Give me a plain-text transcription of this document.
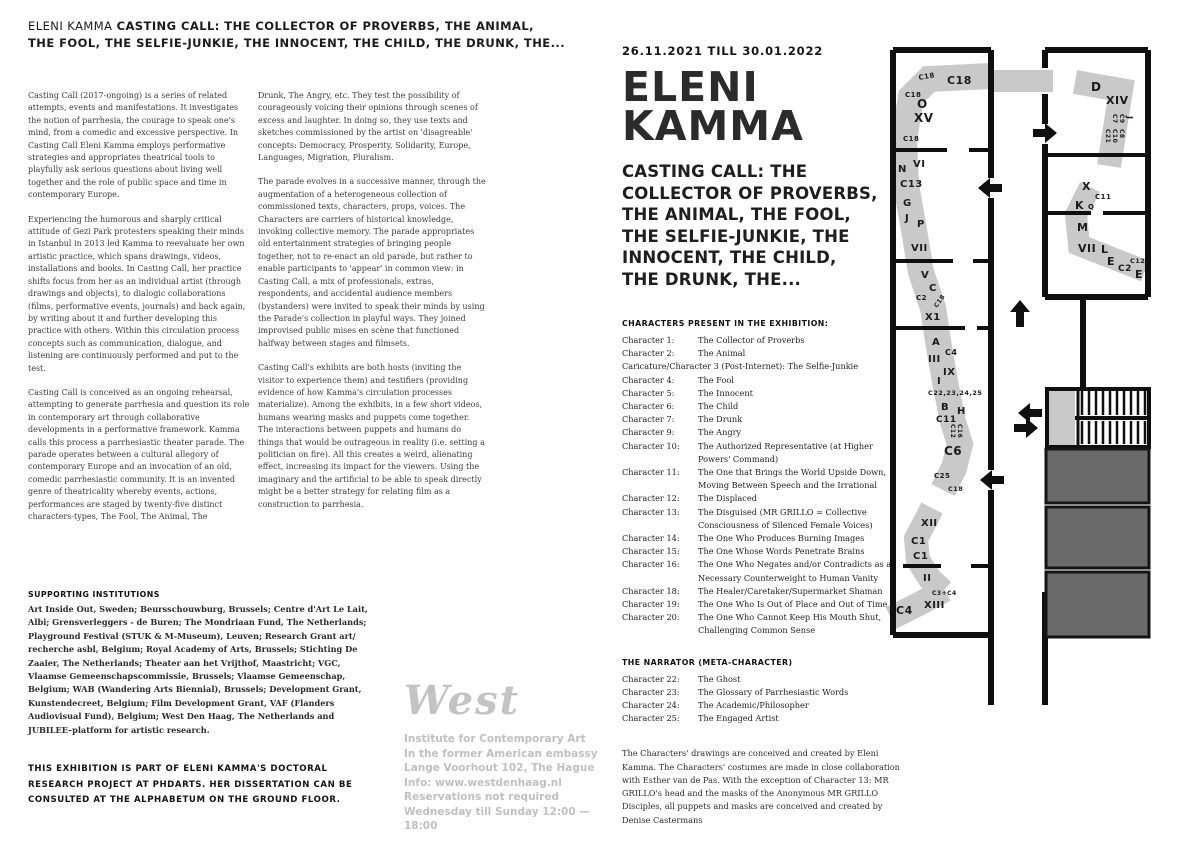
ELENI KAMMA CASTING CALL: THE COLLECTOR OF PROVERBS, THE ANIMAL,
THE FOOL, THE SELFIE-JUNKIE, THE INNOCENT, THE CHILD, THE DRUNK, THE...
Casting Call (2017-ongoing) is a series of related attempts, events and manifestations. It investigates the notion of parrhesia, the courage to speak one's mind, from a comedic and excessive perspective. In Casting Call Eleni Kamma employs performative strategies and appropriates theatrical tools to playfully ask serious questions about living well together and the role of public space and time in contemporary Europe.
Experiencing the humorous and sharply critical attitude of Gezi Park protesters speaking their minds in Istanbul in 2013 led Kamma to reevaluate her own artistic practice, which spans drawings, videos, installations and books. In Casting Call, her practice shifts focus from her as an individual artist (through drawings and objects), to dialogic collaborations (films, performative events, journals) and back again, by writing about it and further developing this practice with others. Within this circulation process concepts such as communication, dialogue, and listening are continuously performed and put to the test.
Casting Call is conceived as an ongoing rehearsal, attempting to generate parrhesia and question its role in contemporary art through collaborative developments in a performative framework. Kamma calls this process a parrhesiastic theater parade. The parade operates between a cultural allegory of contemporary Europe and an invocation of an old, comedic parrhesiastic community. It is an invented genre of theatricality whereby events, actions, performances are staged by twenty-five distinct characters-types, The Fool, The Animal, The
Drunk, The Angry, etc. They test the possibility of courageously voicing their opinions through scenes of excess and laughter. In doing so, they use texts and sketches commissioned by the artist on 'disagreable' concepts: Democracy, Prosperity, Solidarity, Europe, Languages, Migration, Pluralism.
The parade evolves in a successive manner, through the augmentation of a heterogeneous collection of commissioned texts, characters, props, voices. The Characters are carriers of historical knowledge, invoking collective memory. The parade appropriates old entertainment strategies of bringing people together, not to re-enact an old parade, but rather to enable participants to 'appear' in common view: in Casting Call, a mix of professionals, extras, respondents, and accidental audience members (bystanders) were invited to speak their minds by using the Parade's collection in playful ways. They joined improvised public mises en scène that functioned halfway between stages and filmsets.
Casting Call's exhibits are both hosts (inviting the visitor to experience them) and testifiers (providing evidence of how Kamma's circulation processes materialize). Among the exhibits, in a few short videos, humans wearing masks and puppets come together. The interactions between puppets and humans do things that would be outrageous in reality (i.e. setting a politician on fire). All this creates a weird, alienating effect, increasing its impact for the viewers. Using the imaginary and the artificial to be able to speak directly might be a better strategy for relating film as a construction to parrhesia.
SUPPORTING INSTITUTIONS
Art Inside Out, Sweden; Beursschouwburg, Brussels; Centre d'Art Le Lait, Albi; Grensverleggers - de Buren; The Mondriaan Fund, The Netherlands; Playground Festival (STUK & M-Museum), Leuven; Research Grant art/ recherche asbl, Belgium; Royal Academy of Arts, Brussels; Stichting De Zaaier, The Netherlands; Theater aan het Vrijthof, Maastricht; VGC, Vlaamse Gemeenschapscommissie, Brussels; Vlaamse Gemeenschap, Belgium; WAB (Wandering Arts Biennial), Brussels; Development Grant, Kunstendecreet, Belgium; Film Development Grant, VAF (Flanders Audiovisual Fund), Belgium; West Den Haag, The Netherlands and JUBILEE–platform for artistic research.
THIS EXHIBITION IS PART OF ELENI KAMMA'S DOCTORAL RESEARCH PROJECT AT PHDARTS. HER DISSERTATION CAN BE CONSULTED AT THE ALPHABETUM ON THE GROUND FLOOR.
West
Institute for Contemporary Art
In the former American embassy
Lange Voorhout 102, The Hague
Info: www.westdenhaag.nl
Reservations not required
Wednesday till Sunday 12:00 — 18:00
26.11.2021 TILL 30.01.2022
ELENI
KAMMA
CASTING CALL: THE
COLLECTOR OF PROVERBS,
THE ANIMAL, THE FOOL,
THE SELFIE-JUNKIE, THE
INNOCENT, THE CHILD,
THE DRUNK, THE...
CHARACTERS PRESENT IN THE EXHIBITION:
Character 1:	The Collector of Proverbs
Character 2:	The Animal
Caricature/Character 3 (Post-Internet): The Selfie-Junkie
Character 4:	The Fool
Character 5:	The Innocent
Character 6:	The Child
Character 7:	The Drunk
Character 9:	The Angry
Character 10:	The Authorized Representative (at Higher Powers' Command)
Character 11:	The One that Brings the World Upside Down, Moving Between Speech and the Irrational
Character 12:	The Displaced
Character 13:	The Disguised (MR GRILLO = Collective Consciousness of Silenced Female Voices)
Character 14:	The One Who Produces Burning Images
Character 15:	The One Whose Words Penetrate Brains
Character 16:	The One Who Negates and/or Contradicts as a Necessary Counterweight to Human Vanity
Character 18:	The Healer/Caretaker/Supermarket Shaman
Character 19:	The One Who Is Out of Place and Out of Time
Character 20:	The One Who Cannot Keep His Mouth Shut, Challenging Common Sense
THE NARRATOR (META-CHARACTER)
Character 22:	The Ghost
Character 23:	The Glossary of Parrhesiastic Words
Character 24:	The Academic/Philosopher
Character 25:	The Engaged Artist
The Characters' drawings are conceived and created by Eleni Kamma. The Characters' costumes are made in close collaboration with Esther van de Pas. With the exception of Character 13: MR GRILLO's head and the masks of the Anonymous MR GRILLO Disciples, all puppets and masks are conceived and created by Denise Castermans
C18 C18
C18
O
XV
C18
VI
N
C13
G
J
P
VII
V
C
C2 C18
X1
A
C4
III
IX
I
C22,23,24,25
B H
C11
C12 C16
C6
C25
C18
XII
C1
C1
II
C3+C4
XIII
C4
D
XIV
C7 C9 J
C21 C10 C8
X
C11
K Q
M
VII L
E
C2
C12
E
